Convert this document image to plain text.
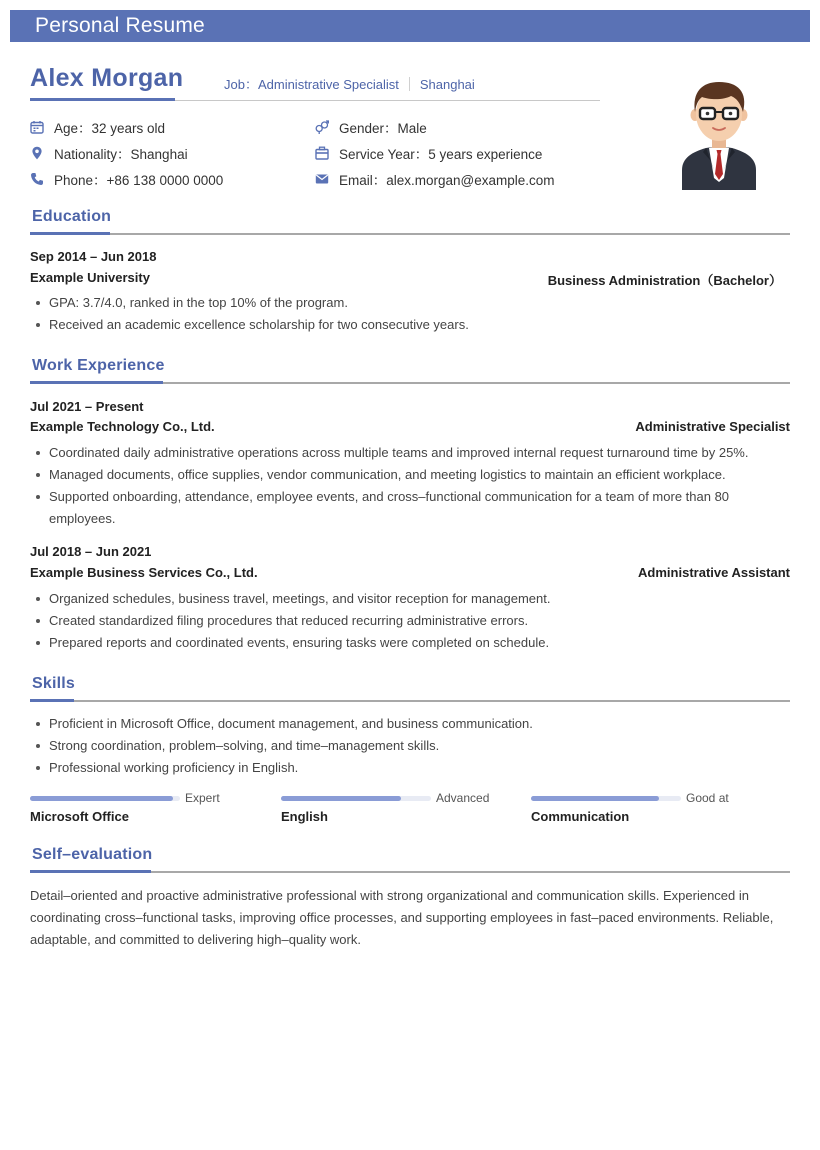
Personal Resume
Alex Morgan	Job：Administrative Specialist Shanghai
Age：32 years old	Gender：Male
Nationality：Shanghai	Service Year：5 years experience
Phone：+86 138 0000 0000	Email：alex.morgan@example.com
Education
Sep 2014 – Jun 2018
Example University	Business Administration（Bachelor）
GPA: 3.7/4.0, ranked in the top 10% of the program.
Received an academic excellence scholarship for two consecutive years.
Work Experience
Jul 2021 – Present
Example Technology Co., Ltd.	Administrative Specialist
Coordinated daily administrative operations across multiple teams and improved internal request turnaround time by 25%.
Managed documents, office supplies, vendor communication, and meeting logistics to maintain an efficient workplace.
Supported onboarding, attendance, employee events, and cross–functional communication for a team of more than 80 employees.
Jul 2018 – Jun 2021
Example Business Services Co., Ltd.	Administrative Assistant
Organized schedules, business travel, meetings, and visitor reception for management.
Created standardized filing procedures that reduced recurring administrative errors.
Prepared reports and coordinated events, ensuring tasks were completed on schedule.
Skills
Proficient in Microsoft Office, document management, and business communication.
Strong coordination, problem–solving, and time–management skills.
Professional working proficiency in English.
Expert
Microsoft Office
Advanced
English
Good at
Communication
Self–evaluation
Detail–oriented and proactive administrative professional with strong organizational and communication skills. Experienced in coordinating cross–functional tasks, improving office processes, and supporting employees in fast–paced environments. Reliable, adaptable, and committed to delivering high–quality work.
